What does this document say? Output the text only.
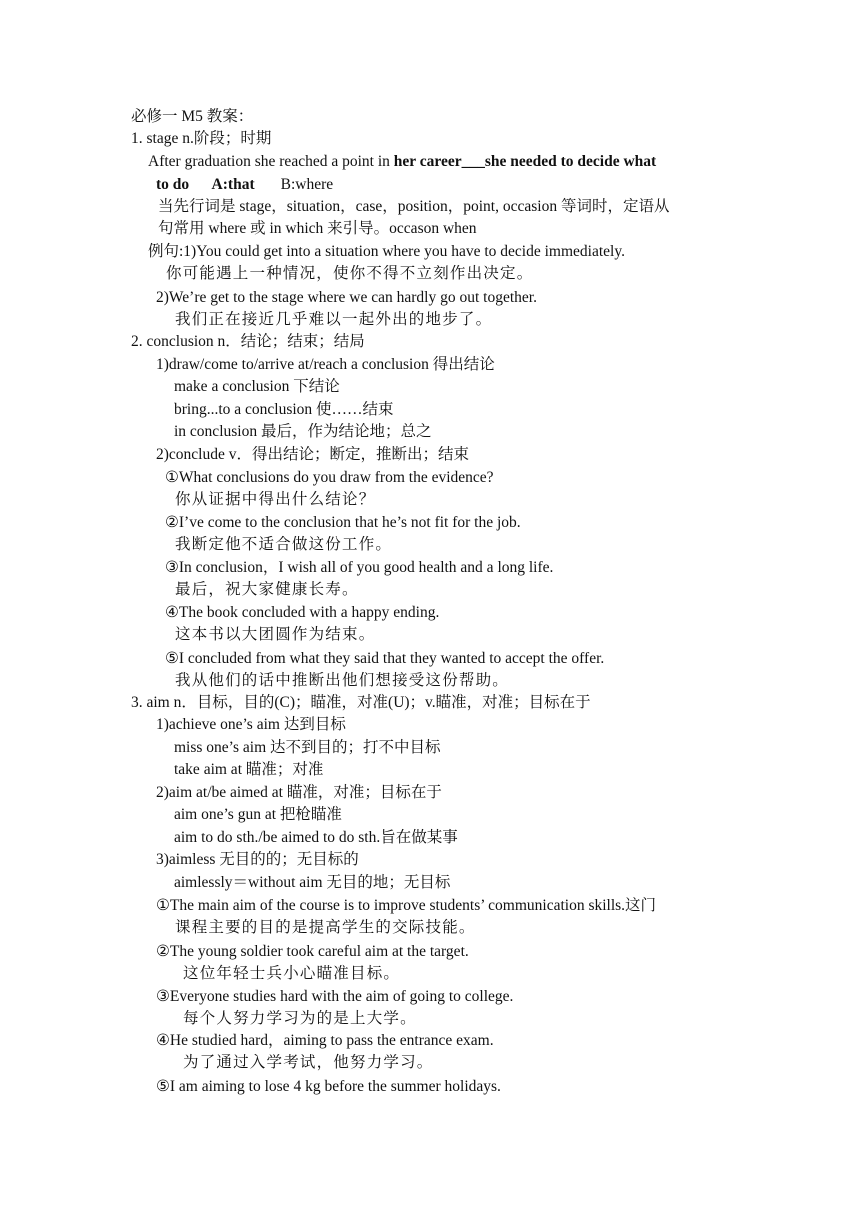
必修一 M5 教案：
1. stage n.阶段；时期
After graduation she reached a point in her career___she needed to decide what
to do      A:that B:where
当先行词是 stage，situation，case，position，point, occasion 等词时，定语从
句常用 where 或 in which 来引导。occason when
例句:1)You could get into a situation where you have to decide immediately.
你可能遇上一种情况，使你不得不立刻作出决定。
2)We’re get to the stage where we can hardly go out together.
我们正在接近几乎难以一起外出的地步了。
2. conclusion n．结论；结束；结局
1)draw/come to/arrive at/reach a conclusion 得出结论
make a conclusion 下结论
bring...to a conclusion 使……结束
in conclusion 最后，作为结论地；总之
2)conclude v．得出结论；断定，推断出；结束
①What conclusions do you draw from the evidence?
你从证据中得出什么结论？
②I’ve come to the conclusion that he’s not fit for the job.
我断定他不适合做这份工作。
③In conclusion，I wish all of you good health and a long life.
最后，祝大家健康长寿。
④The book concluded with a happy ending.
这本书以大团圆作为结束。
⑤I concluded from what they said that they wanted to accept the offer.
我从他们的话中推断出他们想接受这份帮助。
3. aim n．目标，目的(C)；瞄准，对准(U)；v.瞄准，对准；目标在于
1)achieve one’s aim 达到目标
miss one’s aim 达不到目的；打不中目标
take aim at 瞄准；对准
2)aim at/be aimed at 瞄准，对准；目标在于
aim one’s gun at 把枪瞄准
aim to do sth./be aimed to do sth.旨在做某事
3)aimless 无目的的；无目标的
aimlessly＝without aim 无目的地；无目标
①The main aim of the course is to improve students’ communication skills.这门
课程主要的目的是提高学生的交际技能。
②The young soldier took careful aim at the target.
这位年轻士兵小心瞄准目标。
③Everyone studies hard with the aim of going to college.
每个人努力学习为的是上大学。
④He studied hard，aiming to pass the entrance exam.
为了通过入学考试，他努力学习。
⑤I am aiming to lose 4 kg before the summer holidays.
